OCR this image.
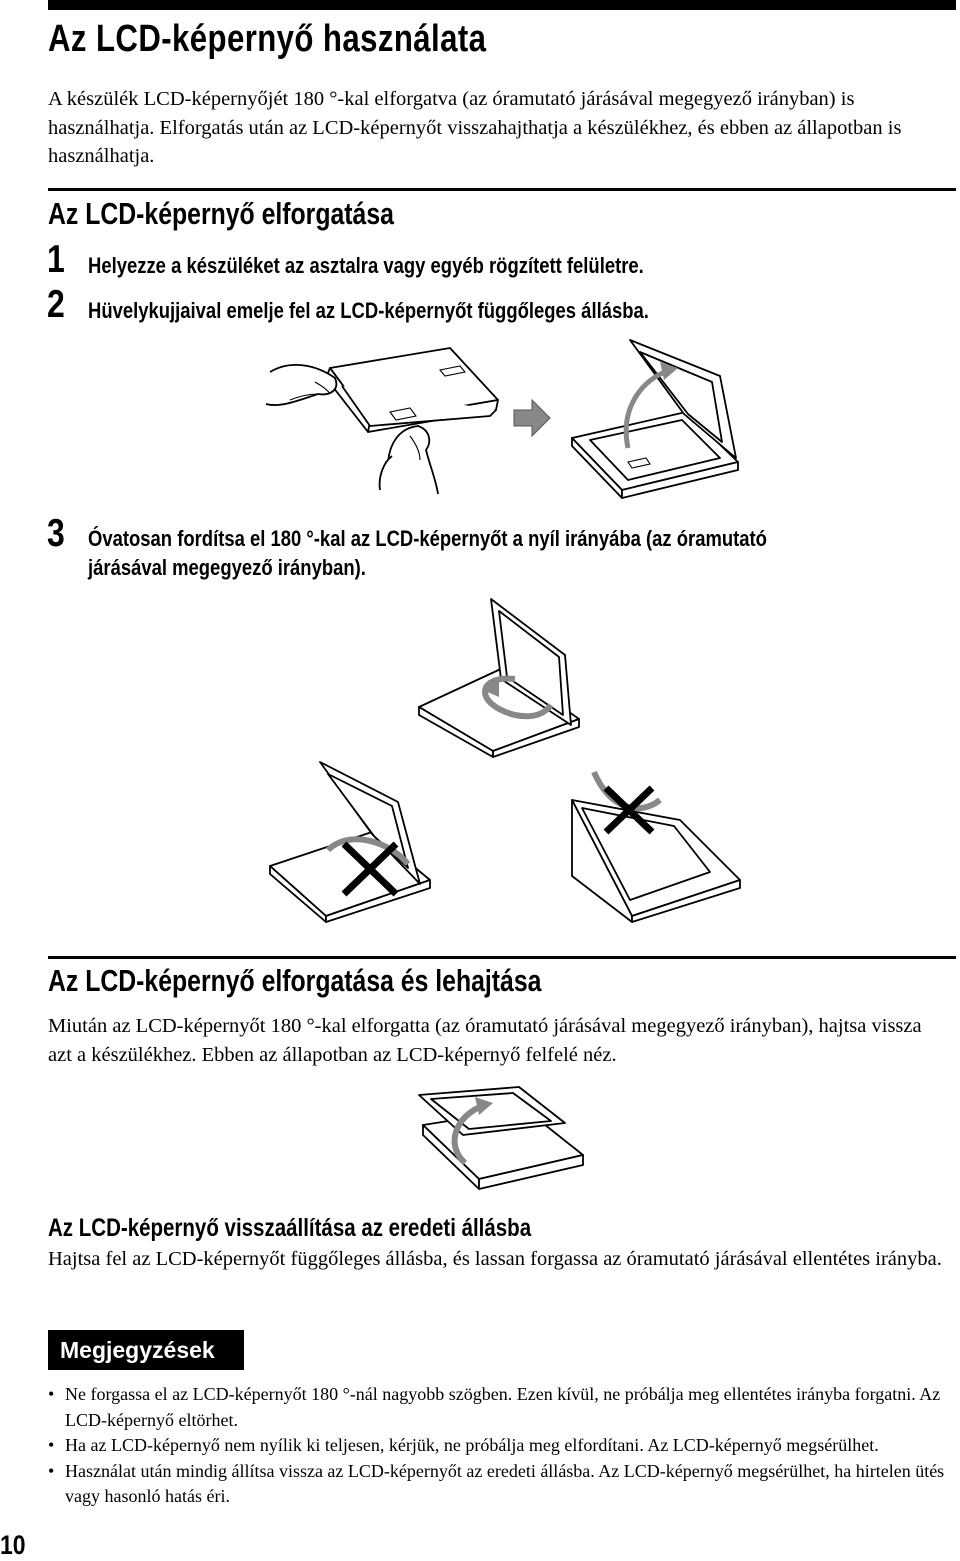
Az LCD-képernyő használata
A készülék LCD-képernyőjét 180 °-kal elforgatva (az óramutató járásával megegyező irányban) is használhatja. Elforgatás után az LCD-képernyőt visszahajthatja a készülékhez, és ebben az állapotban is használhatja.
Az LCD-képernyő elforgatása
1 Helyezze a készüléket az asztalra vagy egyéb rögzített felületre.
2 Hüvelykujjaival emelje fel az LCD-képernyőt függőleges állásba.
3 Óvatosan fordítsa el 180 °-kal az LCD-képernyőt a nyíl irányába (az óramutató
járásával megegyező irányban).
Az LCD-képernyő elforgatása és lehajtása
Miután az LCD-képernyőt 180 °-kal elforgatta (az óramutató járásával megegyező irányban), hajtsa vissza azt a készülékhez. Ebben az állapotban az LCD-képernyő felfelé néz.
Az LCD-képernyő visszaállítása az eredeti állásba
Hajtsa fel az LCD-képernyőt függőleges állásba, és lassan forgassa az óramutató járásával ellentétes irányba.
Megjegyzések
• Ne forgassa el az LCD-képernyőt 180 °-nál nagyobb szögben. Ezen kívül, ne próbálja meg ellentétes irányba forgatni. Az LCD-képernyő eltörhet.
• Ha az LCD-képernyő nem nyílik ki teljesen, kérjük, ne próbálja meg elfordítani. Az LCD-képernyő megsérülhet.
• Használat után mindig állítsa vissza az LCD-képernyőt az eredeti állásba. Az LCD-képernyő megsérülhet, ha hirtelen ütés vagy hasonló hatás éri.
10
